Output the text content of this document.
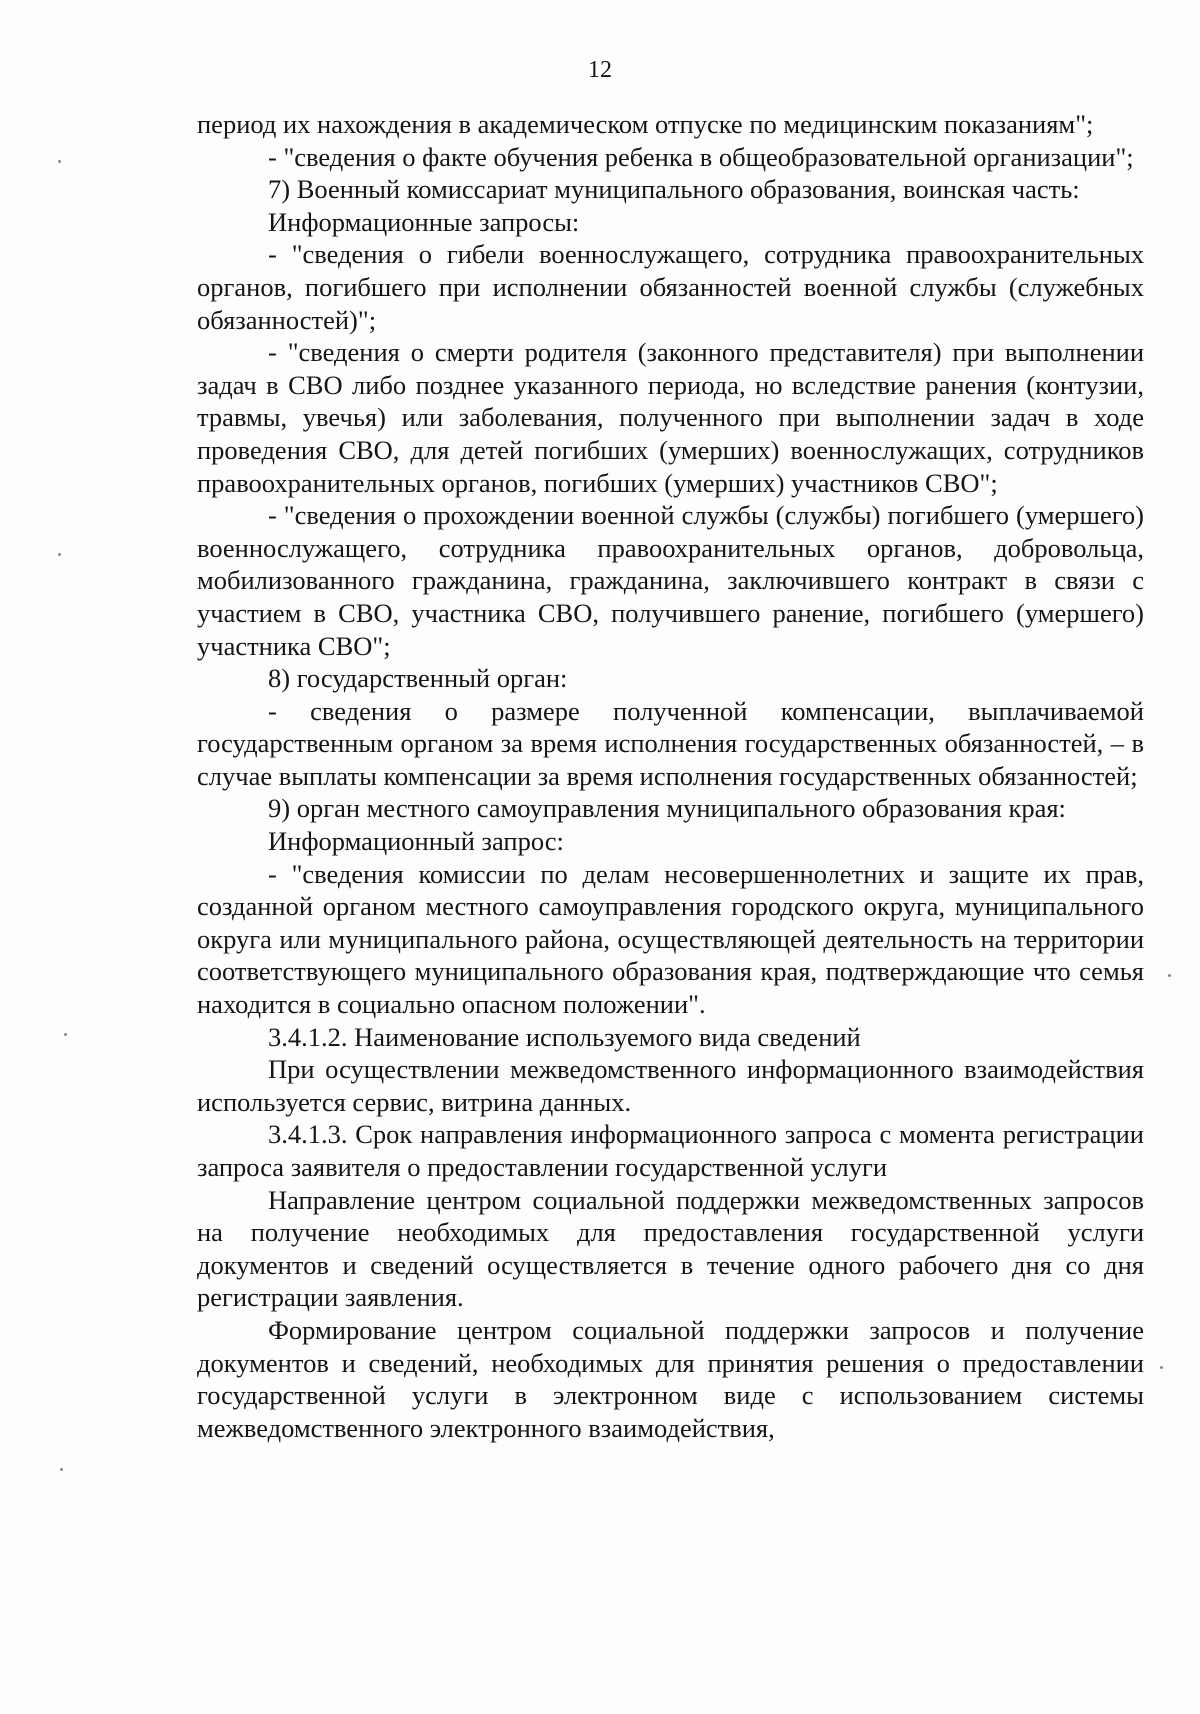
12

период их нахождения в академическом отпуске по медицинским показаниям";

- "сведения о факте обучения ребенка в общеобразовательной организации";

7) Военный комиссариат муниципального образования, воинская часть:

Информационные запросы:

- "сведения о гибели военнослужащего, сотрудника правоохранительных органов, погибшего при исполнении обязанностей военной службы (служебных обязанностей)";

- "сведения о смерти родителя (законного представителя) при выполнении задач в СВО либо позднее указанного периода, но вследствие ранения (контузии, травмы, увечья) или заболевания, полученного при выполнении задач в ходе проведения СВО, для детей погибших (умерших) военнослужащих, сотрудников правоохранительных органов, погибших (умерших) участников СВО";

- "сведения о прохождении военной службы (службы) погибшего (умершего) военнослужащего, сотрудника правоохранительных органов, добровольца, мобилизованного гражданина, гражданина, заключившего контракт в связи с участием в СВО, участника СВО, получившего ранение, погибшего (умершего) участника СВО";

8) государственный орган:

- сведения о размере полученной компенсации, выплачиваемой государственным органом за время исполнения государственных обязанностей, – в случае выплаты компенсации за время исполнения государственных обязанностей;

9) орган местного самоуправления муниципального образования края:

Информационный запрос:

- "сведения комиссии по делам несовершеннолетних и защите их прав, созданной органом местного самоуправления городского округа, муниципального округа или муниципального района, осуществляющей деятельность на территории соответствующего муниципального образования края, подтверждающие что семья находится в социально опасном положении".

3.4.1.2. Наименование используемого вида сведений

При осуществлении межведомственного информационного взаимодействия используется сервис, витрина данных.

3.4.1.3. Срок направления информационного запроса с момента регистрации запроса заявителя о предоставлении государственной услуги

Направление центром социальной поддержки межведомственных запросов на получение необходимых для предоставления государственной услуги документов и сведений осуществляется в течение одного рабочего дня со дня регистрации заявления.

Формирование центром социальной поддержки запросов и получение документов и сведений, необходимых для принятия решения о предоставлении государственной услуги в электронном виде с использованием системы межведомственного электронного взаимодействия,
